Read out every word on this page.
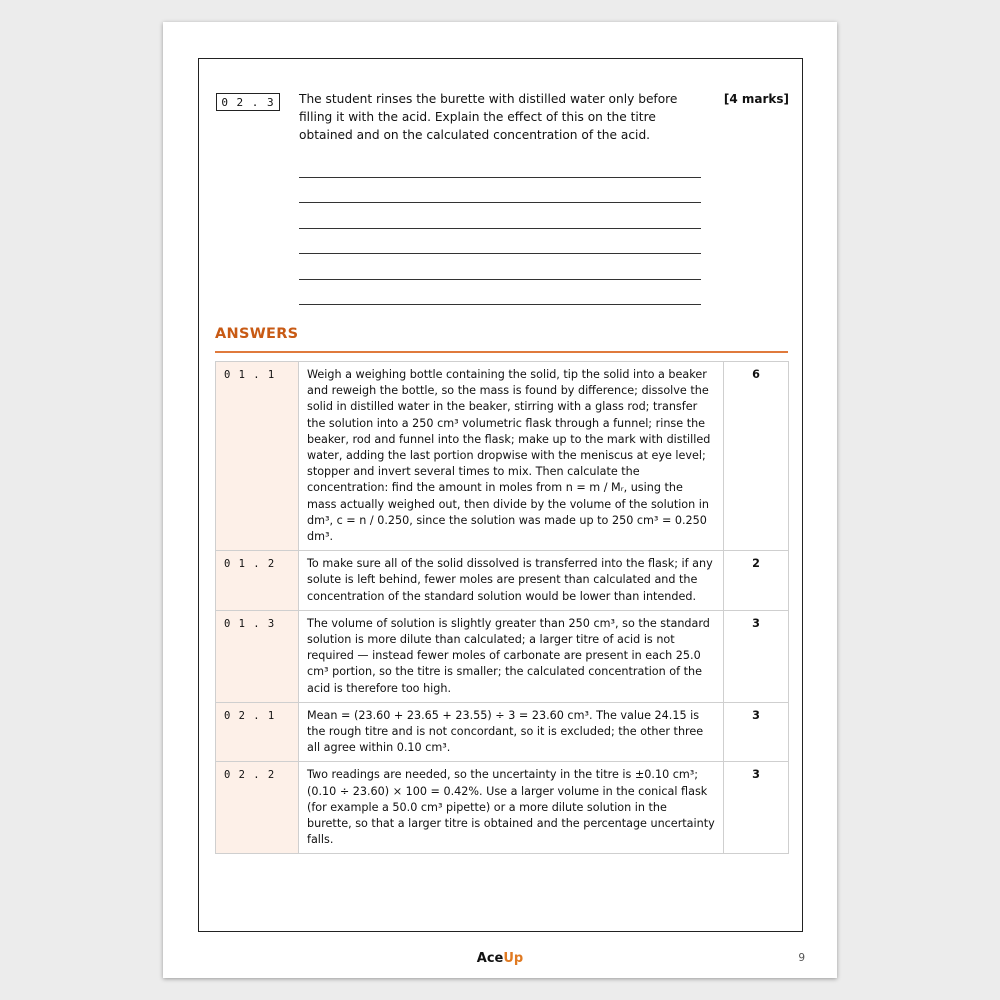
0 2 . 3	The student rinses the burette with distilled water only before filling it with the acid. Explain the effect of this on the titre obtained and on the calculated concentration of the acid.
[4 marks]
ANSWERS
0 1 . 1	Weigh a weighing bottle containing the solid, tip the solid into a beaker and reweigh the bottle, so the mass is found by difference; dissolve the solid in distilled water in the beaker, stirring with a glass rod; transfer the solution into a 250 cm³ volumetric flask through a funnel; rinse the beaker, rod and funnel into the flask; make up to the mark with distilled water, adding the last portion dropwise with the meniscus at eye level; stopper and invert several times to mix. Then calculate the concentration: find the amount in moles from n = m / Mᵣ, using the mass actually weighed out, then divide by the volume of the solution in dm³, c = n / 0.250, since the solution was made up to 250 cm³ = 0.250 dm³.	6
0 1 . 2	To make sure all of the solid dissolved is transferred into the flask; if any solute is left behind, fewer moles are present than calculated and the concentration of the standard solution would be lower than intended.	2
0 1 . 3	The volume of solution is slightly greater than 250 cm³, so the standard solution is more dilute than calculated; a larger titre of acid is not required — instead fewer moles of carbonate are present in each 25.0 cm³ portion, so the titre is smaller; the calculated concentration of the acid is therefore too high.	3
0 2 . 1	Mean = (23.60 + 23.65 + 23.55) ÷ 3 = 23.60 cm³. The value 24.15 is the rough titre and is not concordant, so it is excluded; the other three all agree within 0.10 cm³.	3
0 2 . 2	Two readings are needed, so the uncertainty in the titre is ±0.10 cm³; (0.10 ÷ 23.60) × 100 = 0.42%. Use a larger volume in the conical flask (for example a 50.0 cm³ pipette) or a more dilute solution in the burette, so that a larger titre is obtained and the percentage uncertainty falls.	3
AceUp	9
